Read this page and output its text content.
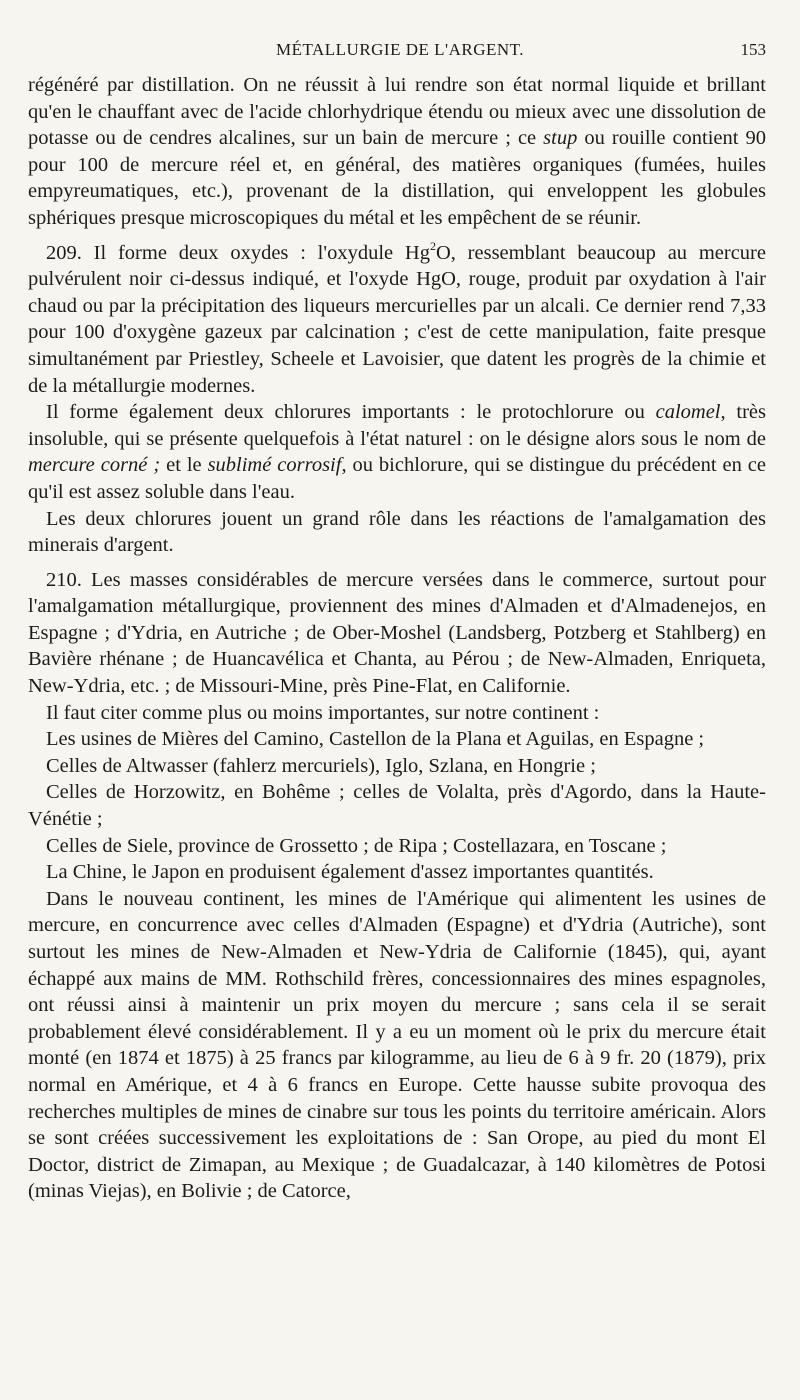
MÉTALLURGIE DE L'ARGENT.	153

régénéré par distillation. On ne réussit à lui rendre son état normal liquide et brillant qu'en le chauffant avec de l'acide chlorhydrique étendu ou mieux avec une dissolution de potasse ou de cendres alcalines, sur un bain de mercure ; ce stup ou rouille contient 90 pour 100 de mercure réel et, en général, des matières organiques (fumées, huiles empyreumatiques, etc.), provenant de la distillation, qui enveloppent les globules sphériques presque microscopiques du métal et les empêchent de se réunir.

209. Il forme deux oxydes : l'oxydule Hg$^2$O, ressemblant beaucoup au mercure pulvérulent noir ci-dessus indiqué, et l'oxyde HgO, rouge, produit par oxydation à l'air chaud ou par la précipitation des liqueurs mercurielles par un alcali. Ce dernier rend 7,33 pour 100 d'oxygène gazeux par calcination ; c'est de cette manipulation, faite presque simultanément par Priestley, Scheele et Lavoisier, que datent les progrès de la chimie et de la métallurgie modernes.

Il forme également deux chlorures importants : le protochlorure ou calomel, très insoluble, qui se présente quelquefois à l'état naturel : on le désigne alors sous le nom de mercure corné ; et le sublimé corrosif, ou bichlorure, qui se distingue du précédent en ce qu'il est assez soluble dans l'eau.

Les deux chlorures jouent un grand rôle dans les réactions de l'amalgamation des minerais d'argent.

210. Les masses considérables de mercure versées dans le commerce, surtout pour l'amalgamation métallurgique, proviennent des mines d'Almaden et d'Almadenejos, en Espagne ; d'Ydria, en Autriche ; de Ober-Moshel (Landsberg, Potzberg et Stahlberg) en Bavière rhénane ; de Huancavélica et Chanta, au Pérou ; de New-Almaden, Enriqueta, New-Ydria, etc. ; de Missouri-Mine, près Pine-Flat, en Californie.

Il faut citer comme plus ou moins importantes, sur notre continent :

Les usines de Mières del Camino, Castellon de la Plana et Aguilas, en Espagne ;

Celles de Altwasser (fahlerz mercuriels), Iglo, Szlana, en Hongrie ;

Celles de Horzowitz, en Bohême ; celles de Volalta, près d'Agordo, dans la Haute-Vénétie ;

Celles de Siele, province de Grossetto ; de Ripa ; Costellazara, en Toscane ;

La Chine, le Japon en produisent également d'assez importantes quantités.

Dans le nouveau continent, les mines de l'Amérique qui alimentent les usines de mercure, en concurrence avec celles d'Almaden (Espagne) et d'Ydria (Autriche), sont surtout les mines de New-Almaden et New-Ydria de Californie (1845), qui, ayant échappé aux mains de MM. Rothschild frères, concessionnaires des mines espagnoles, ont réussi ainsi à maintenir un prix moyen du mercure ; sans cela il se serait probablement élevé considérablement. Il y a eu un moment où le prix du mercure était monté (en 1874 et 1875) à 25 francs par kilogramme, au lieu de 6 à 9 fr. 20 (1879), prix normal en Amérique, et 4 à 6 francs en Europe. Cette hausse subite provoqua des recherches multiples de mines de cinabre sur tous les points du territoire américain. Alors se sont créées successivement les exploitations de : San Orope, au pied du mont El Doctor, district de Zimapan, au Mexique ; de Guadalcazar, à 140 kilomètres de Potosi (minas Viejas), en Bolivie ; de Catorce,
